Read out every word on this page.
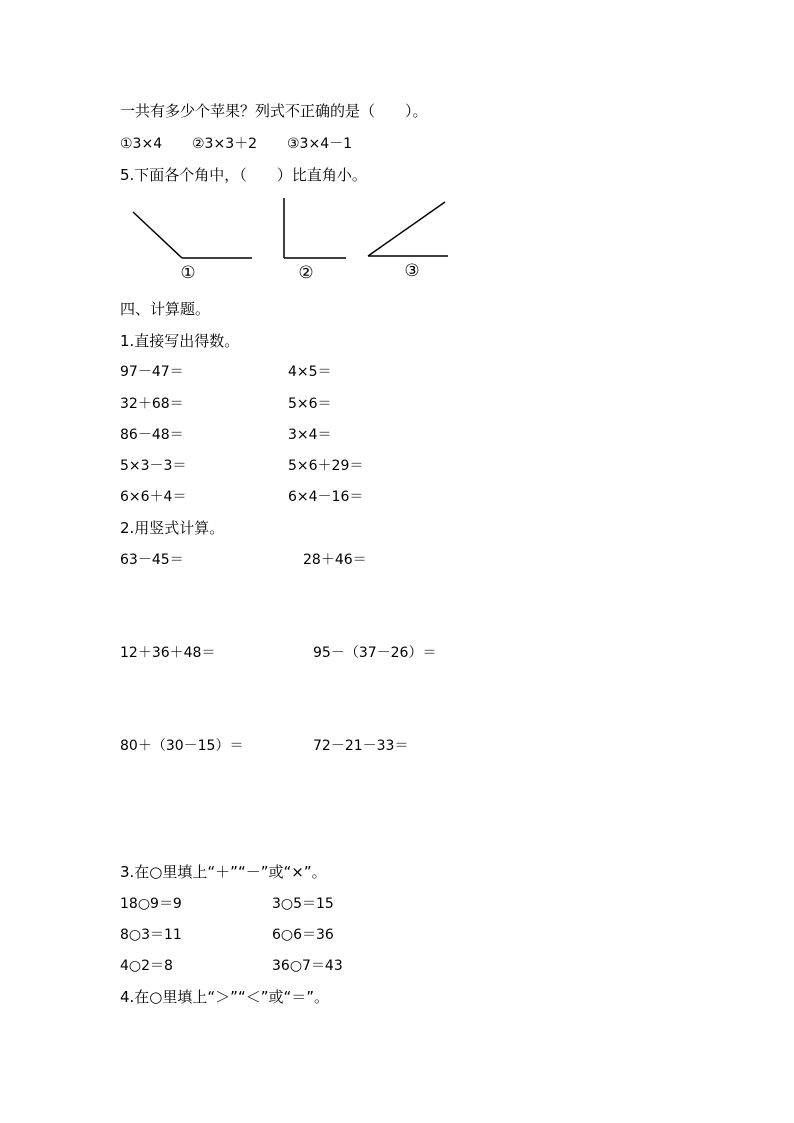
一共有多少个苹果？列式不正确的是（　　）。
①3×4 ②3×3＋2 ③3×4－1
5.下面各个角中，（　　）比直角小。
①	②	③
四、计算题。
1.直接写出得数。
97－47＝	4×5＝
32＋68＝	5×6＝
86－48＝	3×4＝
5×3－3＝	5×6＋29＝
6×6＋4＝	6×4－16＝
2.用竖式计算。
63－45＝	28＋46＝
12＋36＋48＝	95－（37－26）＝
80＋（30－15）＝	72－21－33＝
3.在○里填上“＋”“－”或“×”。
18○9＝9	3○5＝15
8○3＝11	6○6＝36
4○2＝8	36○7＝43
4.在○里填上“＞”“＜”或“＝”。
